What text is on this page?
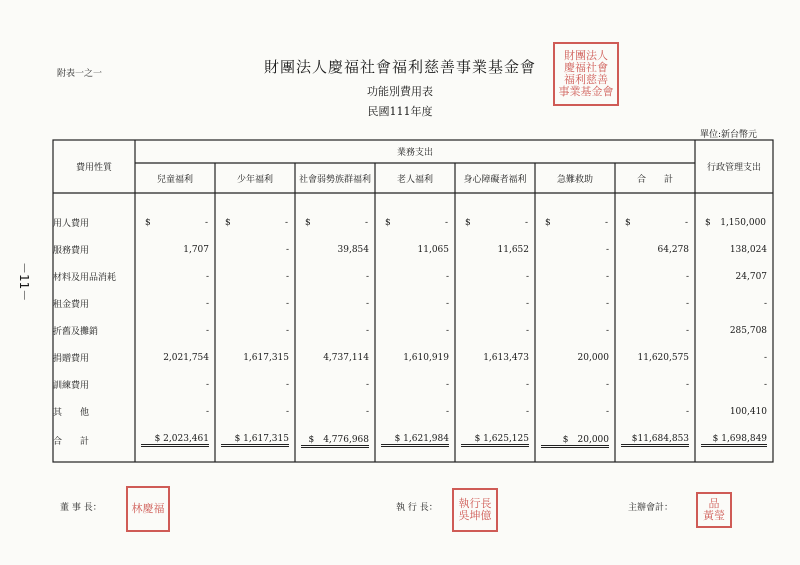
附表一之一	財團法人慶福社會福利慈善事業基金會
功能別費用表
民國111年度
單位:新台幣元
－11－
財團法人
慶福社會
福利慈善
事業基金會
費用性質	業務支出							行政管理支出
	兒童福利	少年福利	社會弱勢族群福利	老人福利	身心障礙者福利	急難救助	合　　計	

用人費用	$ -	$ -	$ -	$ -	$ -	$ -	$ -	$ 1,150,000

服務費用	1,707	-	39,854	11,065	11,652	-	64,278	138,024

材料及用品消耗	-	-	-	-	-	-	-	24,707

租金費用	-	-	-	-	-	-	-	-

折舊及攤銷	-	-	-	-	-	-	-	285,708

捐贈費用	2,021,754	1,617,315	4,737,114	1,610,919	1,613,473	20,000	11,620,575	-

訓練費用	-	-	-	-	-	-	-	-

其　　他	-	-	-	-	-	-	-	100,410

合　　計	$ 2,023,461	$ 1,617,315	$　4,776,968	$ 1,621,984	$ 1,625,125	$　20,000	$11,684,853	$ 1,698,849

董 事 長：	林 慶福	執 行 長： 執行長
吳坤億
主辦會計：	品
黃瑩
